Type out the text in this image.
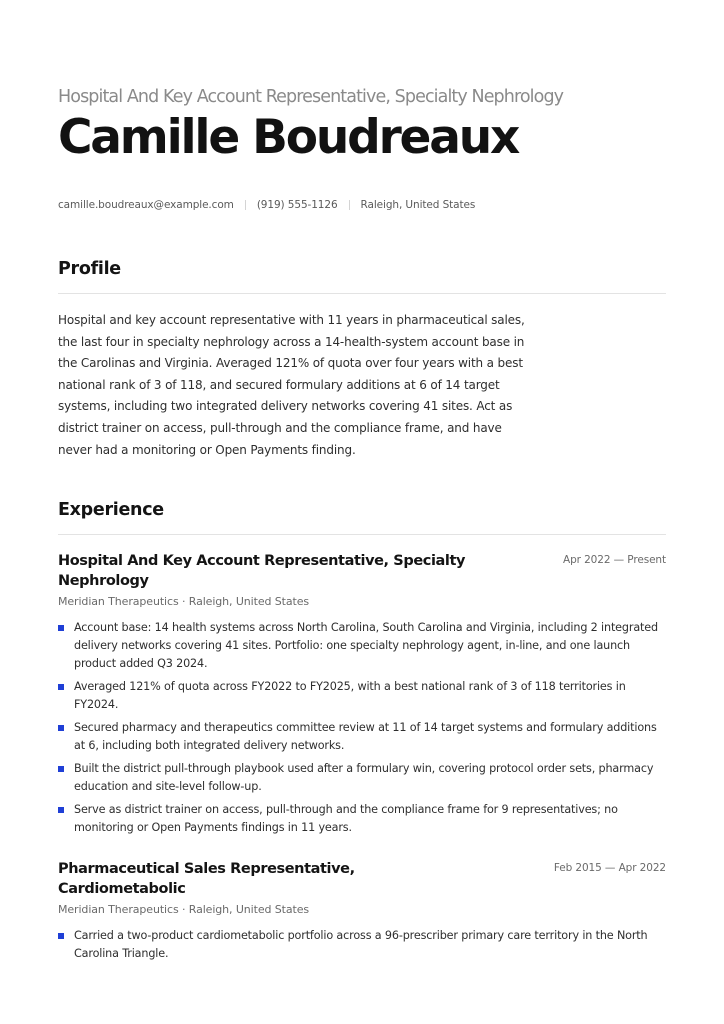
Hospital And Key Account Representative, Specialty Nephrology

Camille Boudreaux
camille.boudreaux@example.com (919) 555-1126 Raleigh, United States
Profile

Hospital and key account representative with 11 years in pharmaceutical sales, the last four in specialty nephrology across a 14-health-system account base in the Carolinas and Virginia. Averaged 121% of quota over four years with a best national rank of 3 of 118, and secured formulary additions at 6 of 14 target systems, including two integrated delivery networks covering 41 sites. Act as district trainer on access, pull-through and the compliance frame, and have never had a monitoring or Open Payments finding.

Experience
Hospital And Key Account Representative, Specialty Nephrology
Apr 2022 — Present
Meridian Therapeutics · Raleigh, United States
Account base: 14 health systems across North Carolina, South Carolina and Virginia, including 2 integrated delivery networks covering 41 sites. Portfolio: one specialty nephrology agent, in-line, and one launch product added Q3 2024.
Averaged 121% of quota across FY2022 to FY2025, with a best national rank of 3 of 118 territories in FY2024.
Secured pharmacy and therapeutics committee review at 11 of 14 target systems and formulary additions at 6, including both integrated delivery networks.
Built the district pull-through playbook used after a formulary win, covering protocol order sets, pharmacy education and site-level follow-up.
Serve as district trainer on access, pull-through and the compliance frame for 9 representatives; no monitoring or Open Payments findings in 11 years.
Pharmaceutical Sales Representative, Cardiometabolic
Feb 2015 — Apr 2022
Meridian Therapeutics · Raleigh, United States
Carried a two-product cardiometabolic portfolio across a 96-prescriber primary care territory in the North Carolina Triangle.
